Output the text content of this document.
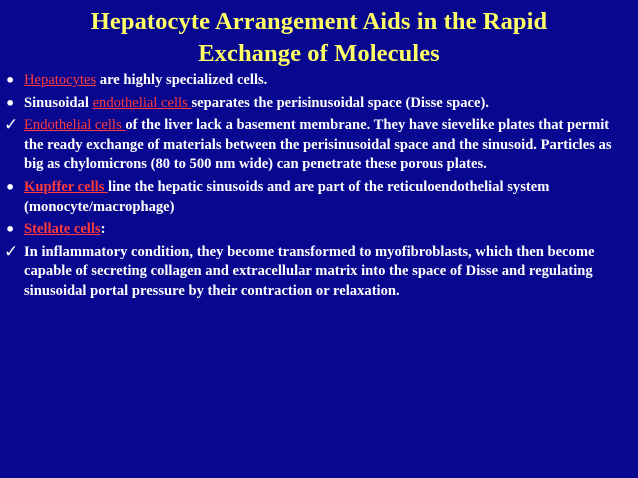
Hepatocyte Arrangement Aids in the Rapid
Exchange of Molecules
• Hepatocytes are highly specialized cells.
• Sinusoidal endothelial cells separates the perisinusoidal space (Disse space).
✓ Endothelial cells of the liver lack a basement membrane. They have sievelike plates that permit the ready exchange of materials between the perisinusoidal space and the sinusoid. Particles as big as chylomicrons (80 to 500 nm wide) can penetrate these porous plates.
• Kupffer cells line the hepatic sinusoids and are part of the reticuloendothelial system (monocyte/macrophage)
• Stellate cells:
✓ In inflammatory condition, they become transformed to myofibroblasts, which then become capable of secreting collagen and extracellular matrix into the space of Disse and regulating sinusoidal portal pressure by their contraction or relaxation.
